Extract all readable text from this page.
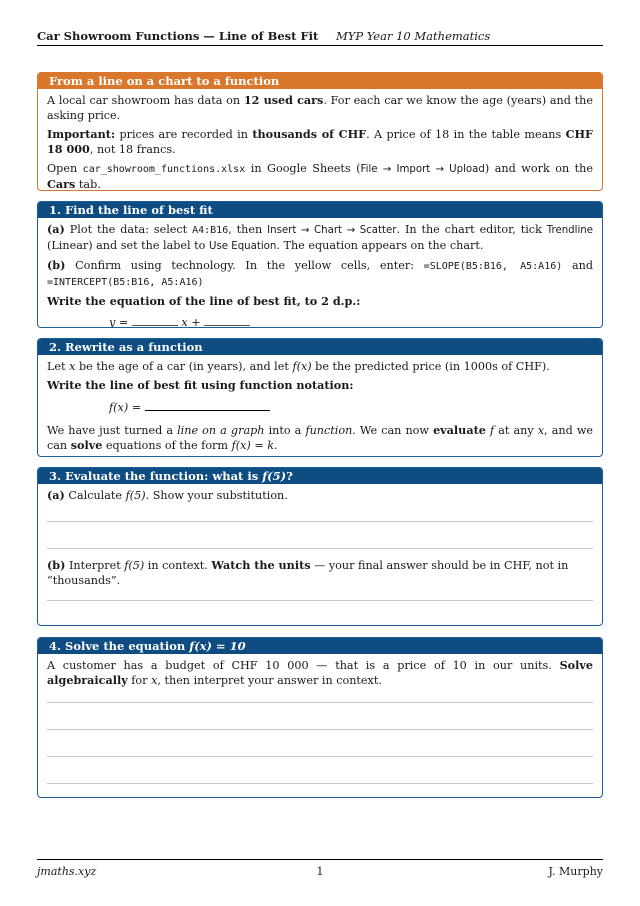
Car Showroom Functions — Line of Best Fit MYP Year 10 Mathematics
From a line on a chart to a function

A local car showroom has data on 12 used cars. For each car we know the age (years) and the asking price.

Important: prices are recorded in thousands of CHF. A price of 18 in the table means CHF 18 000, not 18 francs.

Open car_showroom_functions.xlsx in Google Sheets (File → Import → Upload) and work on the Cars tab.

1. Find the line of best fit

(a) Plot the data: select A4:B16, then Insert → Chart → Scatter. In the chart editor, tick Trendline (Linear) and set the label to Use Equation. The equation appears on the chart.

(b) Confirm using technology. In the yellow cells, enter: =SLOPE(B5:B16, A5:A16) and =INTERCEPT(B5:B16, A5:A16)

Write the equation of the line of best fit, to 2 d.p.:

y =	x +

2. Rewrite as a function

Let x be the age of a car (in years), and let f(x) be the predicted price (in 1000s of CHF).

Write the line of best fit using function notation:

f(x) =

We have just turned a line on a graph into a function. We can now evaluate f at any x, and we can solve equations of the form f(x) = k.

3. Evaluate the function: what is f(5)?

(a) Calculate f(5). Show your substitution.

(b) Interpret f(5) in context. Watch the units — your final answer should be in CHF, not in “thousands”.

4. Solve the equation f(x) = 10

A customer has a budget of CHF 10 000 — that is a price of 10 in our units. Solve algebraically for x, then interpret your answer in context.

jmaths.xyz	1	J. Murphy
